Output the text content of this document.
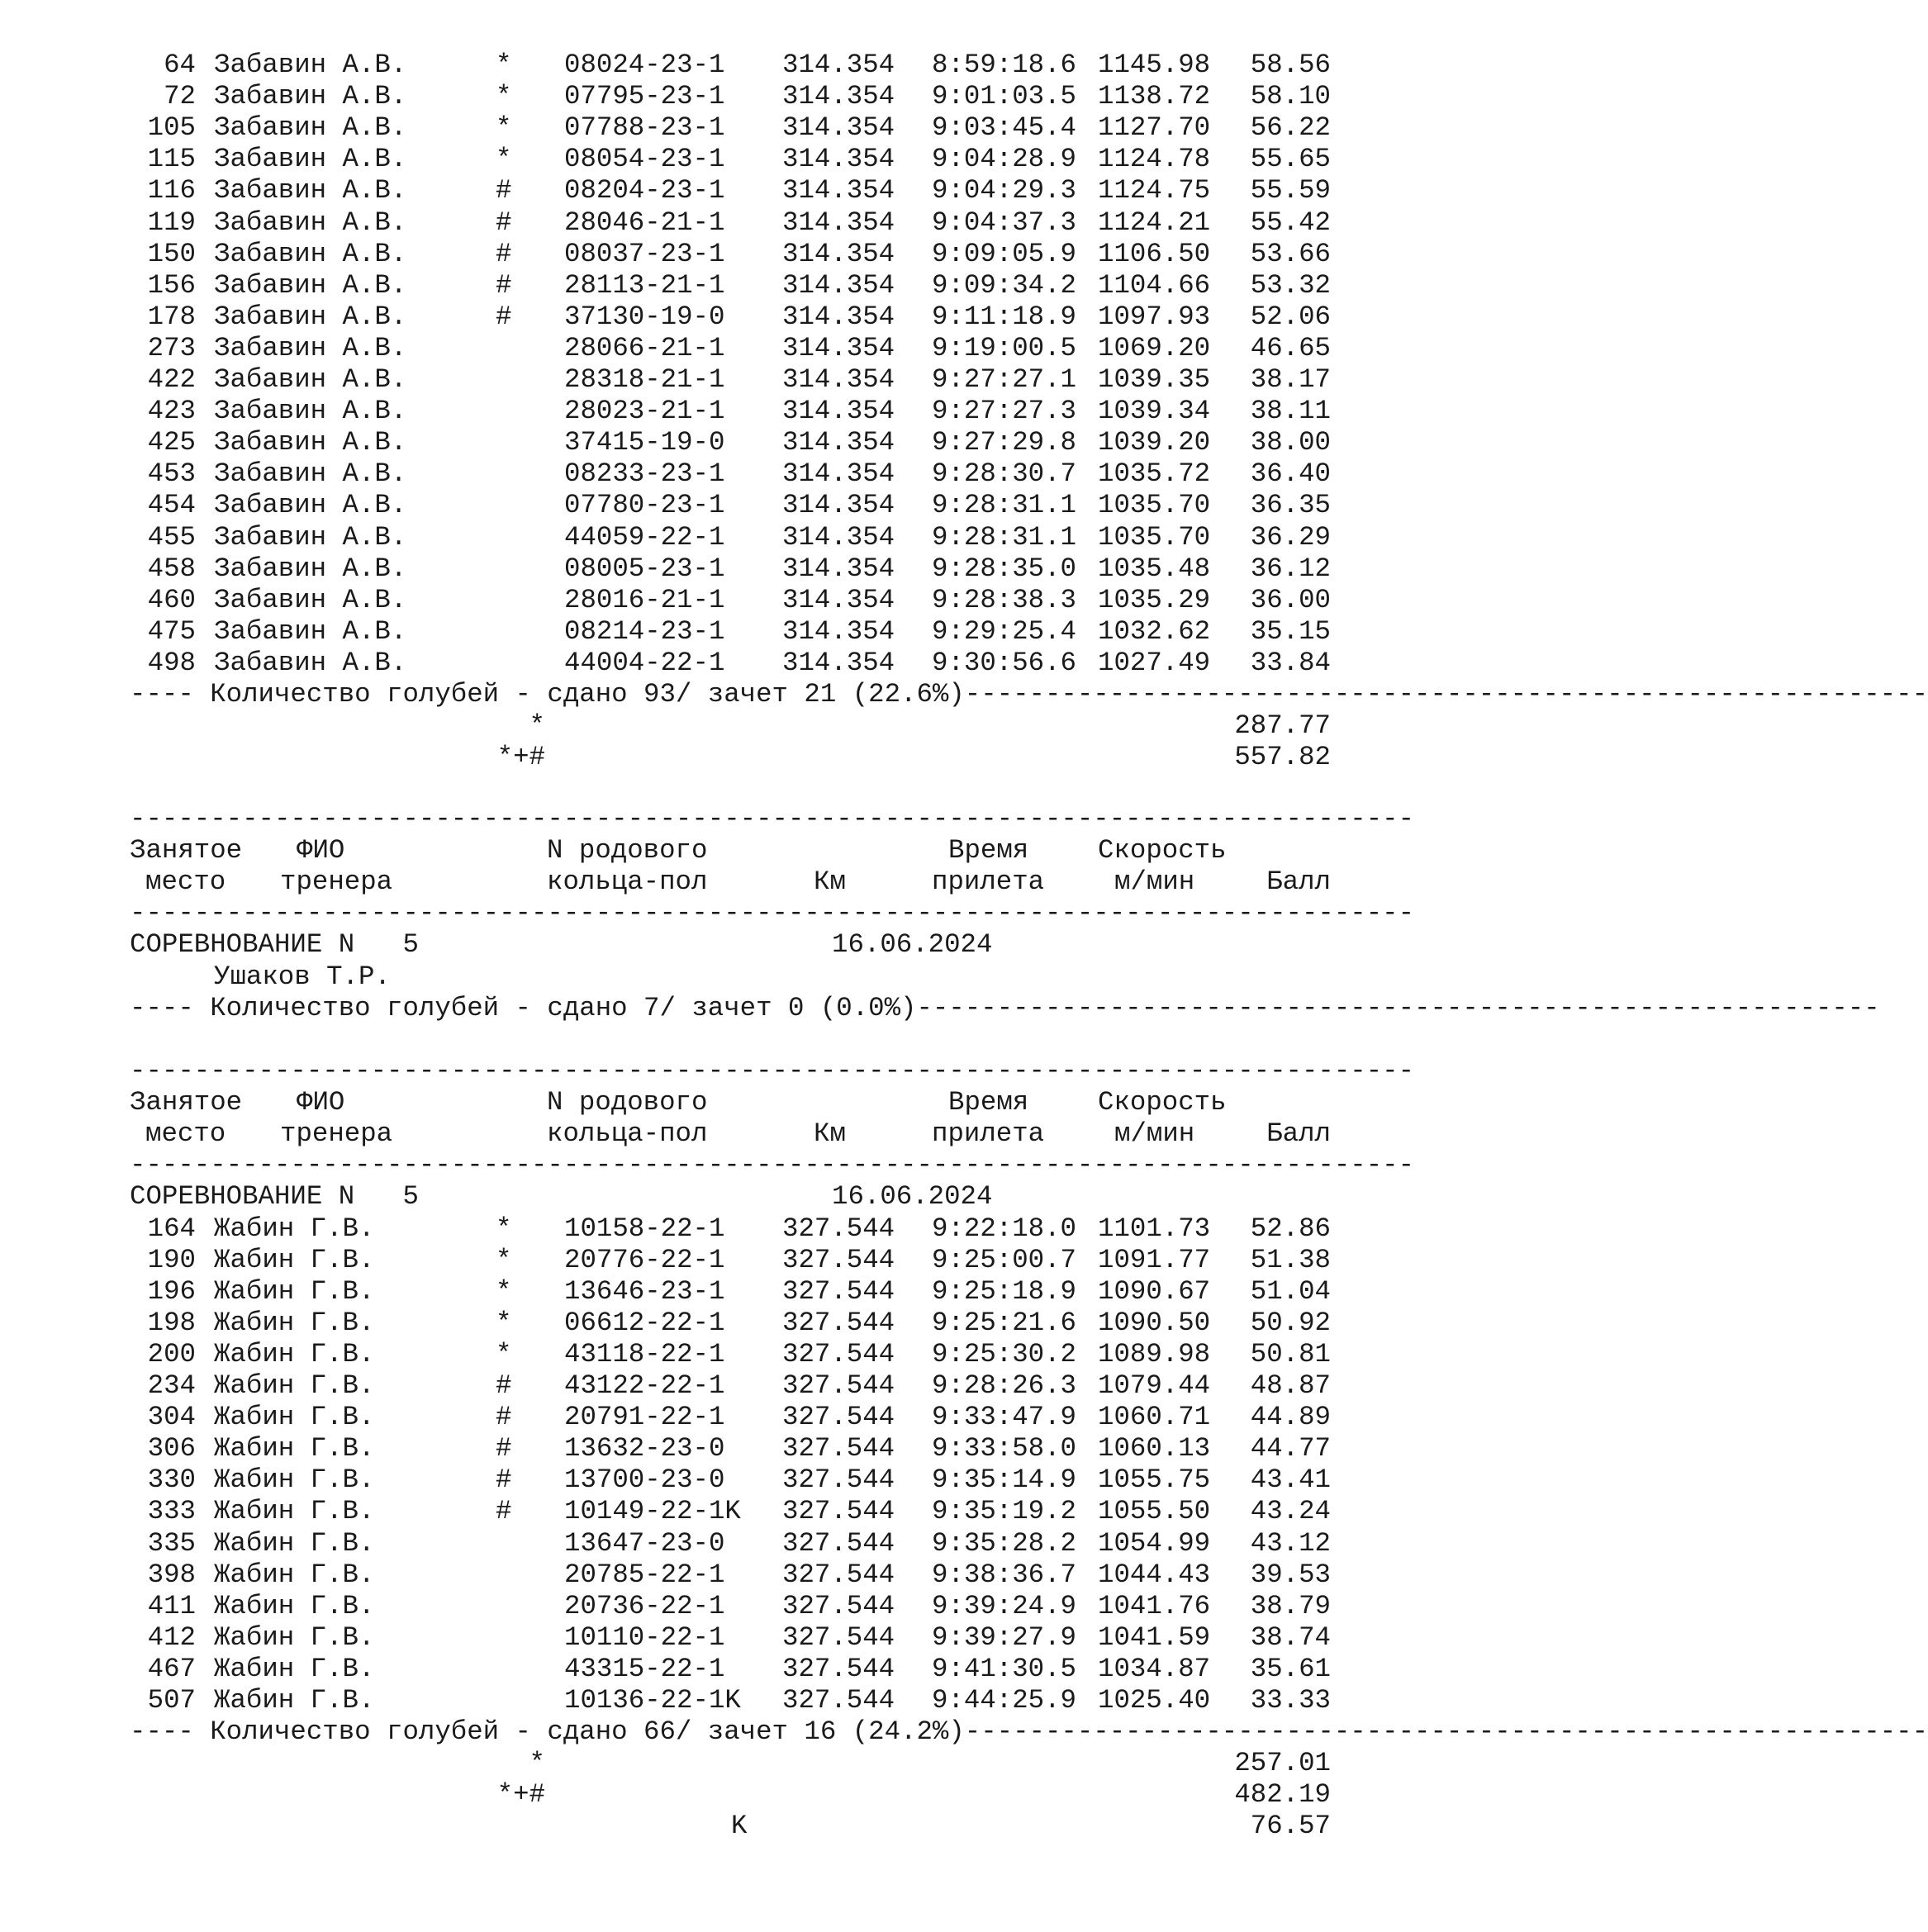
64 Забавин А.В.	* 08024-23-1 314.354 8:59:18.6 1145.98 58.56
72 Забавин А.В.	* 07795-23-1 314.354 9:01:03.5 1138.72 58.10
105 Забавин А.В.	* 07788-23-1 314.354 9:03:45.4 1127.70 56.22
115 Забавин А.В.	* 08054-23-1 314.354 9:04:28.9 1124.78 55.65
116 Забавин А.В.	# 08204-23-1 314.354 9:04:29.3 1124.75 55.59
119 Забавин А.В.	# 28046-21-1 314.354 9:04:37.3 1124.21 55.42
150 Забавин А.В.	# 08037-23-1 314.354 9:09:05.9 1106.50 53.66
156 Забавин А.В.	# 28113-21-1 314.354 9:09:34.2 1104.66 53.32
178 Забавин А.В.	# 37130-19-0 314.354 9:11:18.9 1097.93 52.06
273 Забавин А.В.	28066-21-1 314.354 9:19:00.5 1069.20 46.65
422 Забавин А.В.	28318-21-1 314.354 9:27:27.1 1039.35 38.17
423 Забавин А.В.	28023-21-1 314.354 9:27:27.3 1039.34 38.11
425 Забавин А.В.	37415-19-0 314.354 9:27:29.8 1039.20 38.00
453 Забавин А.В.	08233-23-1 314.354 9:28:30.7 1035.72 36.40
454 Забавин А.В.	07780-23-1 314.354 9:28:31.1 1035.70 36.35
455 Забавин А.В.	44059-22-1 314.354 9:28:31.1 1035.70 36.29
458 Забавин А.В.	08005-23-1 314.354 9:28:35.0 1035.48 36.12
460 Забавин А.В.	28016-21-1 314.354 9:28:38.3 1035.29 36.00
475 Забавин А.В.	08214-23-1 314.354 9:29:25.4 1032.62 35.15
498 Забавин А.В.	44004-22-1 314.354 9:30:56.6 1027.49 33.84
---- Количество голубей - сдано 93/ зачет 21 (22.6%)------------------------------------------------------------
*	287.77
*+#	557.82
--------------------------------------------------------------------------------
Занятое ФИО	N родового	Время	Скорость
место тренера	кольца-пол	Км	прилета	м/мин	Балл
--------------------------------------------------------------------------------
СОРЕВНОВАНИЕ N   5	16.06.2024
Ушаков Т.Р.
---- Количество голубей - сдано 7/ зачет 0 (0.0%)------------------------------------------------------------
--------------------------------------------------------------------------------
Занятое ФИО	N родового	Время	Скорость
место тренера	кольца-пол	Км	прилета	м/мин	Балл
--------------------------------------------------------------------------------
СОРЕВНОВАНИЕ N   5	16.06.2024
164 Жабин Г.В.	* 10158-22-1 327.544 9:22:18.0 1101.73 52.86
190 Жабин Г.В.	* 20776-22-1 327.544 9:25:00.7 1091.77 51.38
196 Жабин Г.В.	* 13646-23-1 327.544 9:25:18.9 1090.67 51.04
198 Жабин Г.В.	* 06612-22-1 327.544 9:25:21.6 1090.50 50.92
200 Жабин Г.В.	* 43118-22-1 327.544 9:25:30.2 1089.98 50.81
234 Жабин Г.В.	# 43122-22-1 327.544 9:28:26.3 1079.44 48.87
304 Жабин Г.В.	# 20791-22-1 327.544 9:33:47.9 1060.71 44.89
306 Жабин Г.В.	# 13632-23-0 327.544 9:33:58.0 1060.13 44.77
330 Жабин Г.В.	# 13700-23-0 327.544 9:35:14.9 1055.75 43.41
333 Жабин Г.В.	# 10149-22-1K 327.544 9:35:19.2 1055.50 43.24
335 Жабин Г.В.	13647-23-0 327.544 9:35:28.2 1054.99 43.12
398 Жабин Г.В.	20785-22-1 327.544 9:38:36.7 1044.43 39.53
411 Жабин Г.В.	20736-22-1 327.544 9:39:24.9 1041.76 38.79
412 Жабин Г.В.	10110-22-1 327.544 9:39:27.9 1041.59 38.74
467 Жабин Г.В.	43315-22-1 327.544 9:41:30.5 1034.87 35.61
507 Жабин Г.В.	10136-22-1K 327.544 9:44:25.9 1025.40 33.33
---- Количество голубей - сдано 66/ зачет 16 (24.2%)------------------------------------------------------------
*	257.01
*+#	482.19
K	76.57
